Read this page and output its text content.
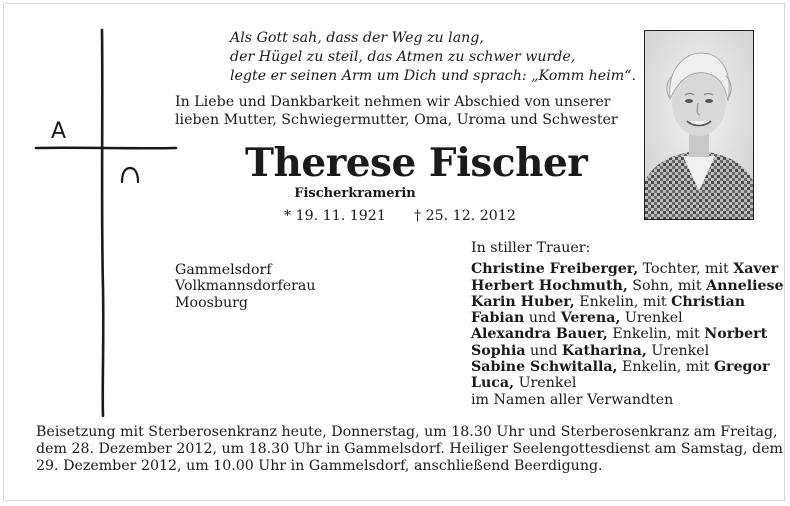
A
Als Gott sah, dass der Weg zu lang,
der Hügel zu steil, das Atmen zu schwer wurde,
legte er seinen Arm um Dich und sprach: „Komm heim“.
In Liebe und Dankbarkeit nehmen wir Abschied von unserer
lieben Mutter, Schwiegermutter, Oma, Uroma und Schwester
Therese Fischer
Fischerkramerin
* 19. 11. 1921 † 25. 12. 2012
Gammelsdorf
Volkmannsdorferau
Moosburg
In stiller Trauer:
Christine Freiberger, Tochter, mit Xaver
Herbert Hochmuth, Sohn, mit Anneliese
Karin Huber, Enkelin, mit Christian
Fabian und Verena, Urenkel
Alexandra Bauer, Enkelin, mit Norbert
Sophia und Katharina, Urenkel
Sabine Schwitalla, Enkelin, mit Gregor
Luca, Urenkel
im Namen aller Verwandten
Beisetzung mit Sterberosenkranz heute, Donnerstag, um 18.30 Uhr und Sterberosenkranz am Freitag,
dem 28. Dezember 2012, um 18.30 Uhr in Gammelsdorf. Heiliger Seelengottesdienst am Samstag, dem
29. Dezember 2012, um 10.00 Uhr in Gammelsdorf, anschließend Beerdigung.
